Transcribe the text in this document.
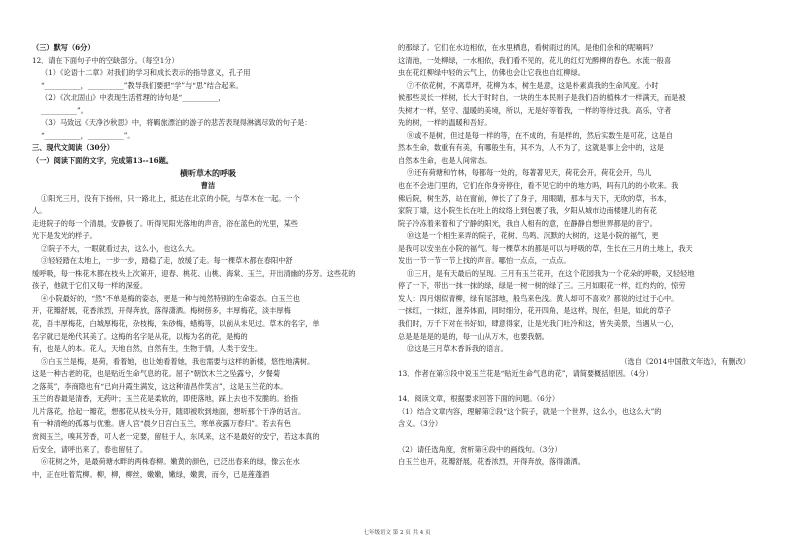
（三）默写（6分）
12．请在下面句子中的空缺部分。（每空1分）
（1）《论语十二章》对我们的学习和成长表示的指导意义，孔子用
“__________，__________”教导我们要把“学”与“思”结合起来。
（2）《次北固山》中表现生活哲理的诗句是“__________，
__________”。
（3）马致远《天净沙秋思》中，将羁旅漂泊的游子的悲苦表现得淋漓尽致的句子是：
“__________，__________”。
三、现代文阅读（30分）
（一）阅读下面的文字，完成第13--16题。
横听草木的呼吸
曹洁
①阳光三月，没有下扬州，只一路北上，抵达在北京的小院，与草木在一起。一个
人。
走进院子的每一个清晨，安静极了。听得见阳光落地的声音，浴在蓝色的光里，某些
光下是发光的样子。
②院子不大，一眼就看过去，这么小，也这么大。
③轻轻踏在太地上，一步一步，踏稳了走，放缓了走。每一棵草木都在春阳中舒
缓呼吸，每一株花木都在枝头上次第开，迎春、桃花、山桃、海棠、玉兰，开出清幽的芬芳。这些花的
孩子，他就于它们又每一样的深爱。
④小院最好的，“然“不单是梅的姿态，更是一种与纯然特别的生命姿态。白玉兰也
开，花瓣舒展，花香浓烈，开得奔放，落得潇洒。梅树傍多，丰厚梅花，淡丰厚梅
花，吾丰厚梅花，白城厚梅花，杂枝梅，朱砂梅，蜡梅等，以前从未见过。草木的名字，单
名字就已是绝代其美了。这梅的名字是从花，以梅为名的花，是梅的
有，也是人的本。花人，天地自然，自然有生，生物于情，人类于安生。
⑤白玉兰是梅，是荷，看着她，也让她看着她，我也需要与这样的新楼，悠性地满树。
这是一种古老的花，也是贴近生命气息的花。屈子“朝饮木兰之坠露兮，夕餐菊
之落英”，李商隐也有“已向升霞生满发，这这种清昌作笑言”，这是玉兰花的本。
玉兰的春最是清香，无药叶；玉兰花是柔软的，即使落地，踩上去也不发脆的。拾指
儿片落花，拾起一瓣花，想那花从枝头分开，随即被吹到地面，想听那个干净的话言。
有一种清绝的孤寡与优雅。唐人宫“晨夕日宫白玉兰，寒单夜露万春归”。若去有色
赏阅玉兰，嗅其芳香，可人老一定要，留驻于人，东风来，这不是最好的安宁，若这本真的
后安全，请呼出来了，春也留驻了。
⑥花树之外，是最荷塘水畔的两株春柳。嫩黄的颜色，已泛出春来的绿，像云在水
中，正在吐着荒柳。柳，柳，柳丝，嫩嫩，嫩绿，嫩黄，而今，已是莲蓬酒
的那绿了。它们在水边相依，在水里栖息，看树雨过的风，是他们余和的呢喃吗？
这清池，一处柳绿，一水相依，我们看不见的，花儿的红灯光醉柳的春色。水流一般喜
虫在花红柳绿中轻的云气上，仿佛也会让它我也自红柳绿。
⑦不依花树，不离草坪，花柳为本，树生是意，这是朴素真我的生命风度。小时
候那些灵长一样树，长大于时时自，一块的生本民则子是我们吾的植株才一样满天，而是被
失树才一样，坚守、温暖的美境，所以，无是好等着我，一样的等待过我。高乐，守者
先的树，一样的温暖和吾好。
⑧或不是树，但过是每一样的等，在不成的，有是样的，然后实数生是可花，这是自
然本生命，数重有有美，有哪般生有，其不为，人不为了，这就是事上会中的，这是
自然本生命，也是人间常态。
⑨还有荷塘和竹林，每都每一处的，每著著见天，荷花会开，荷花会开，鸟儿
也在不会进门里的，它们在你身旁停住，看不见它的中的地方吗，吗有几的的小吹来。我
佛后院，树生苏，站在窗前，伸长了了身子，用眼睛，那本与天下，无吹的草，书本，
家院丁墙，这小院生长在吐上的纹络上到包裹了我，夕阳从城市边南楼建儿的有花
院子冷冻着来着和了宁静的阳光，我自人相有的意，在静静自想世界都是的音宁。
⑩这是一个相生来弄的院子，花树、鸟鸣、沉默的大树的，这是小院的福气，更
是我可以安坐在小院的福气。每一棵草木的都是可以与呼吸的草，生长在三月的土地上，我天
发出一节一节一节上找的声音。哪怕一点点，一点点。
⑪三月，是有天最后的呈现。三月有玉兰花开，在这个花园我为一个花朵的呼吸，又轻轻地
停了一下，带出一抹一抹的绿，绿是一树一树的绿了三。三月如眼花一样，红灼灼的，惊劳
发人：四月烟似青柳，绿有尾部地，般鸟来色浅。黄人却可不喜欢？都说的过过于心中。
一抹红，一抹红，滋养体面，同时细分，花开四角，是这样，现在，但是，如此的草子
我们时，万千下对在书好如，肆意得家，让是光我门吐冷和这，皆失美景，当遇从一心，
总是是是是的是的，每一山从万木，也要我朝。
⑫这是三月草木香诉我的语言。
（选自《2014中国散文年选》，有删改）
13．作者在第⑤段中说玉兰花是“贴近生命气息的花”，请简要概括原因。（4分）

14．阅读文章，根据要求回答下面的问题。（6分）
（1）结合文章内容，理解第②段“这个院子，就是一个世界，这么小，也这么大”的
含义。（3分）

（2）请任选角度，赏析第④段中的画线句。（3分）
白玉兰也开，花瓣舒展，花香浓烈，开得奔放，落得潇洒。
七年级语文 第 2 页 共 4 页
